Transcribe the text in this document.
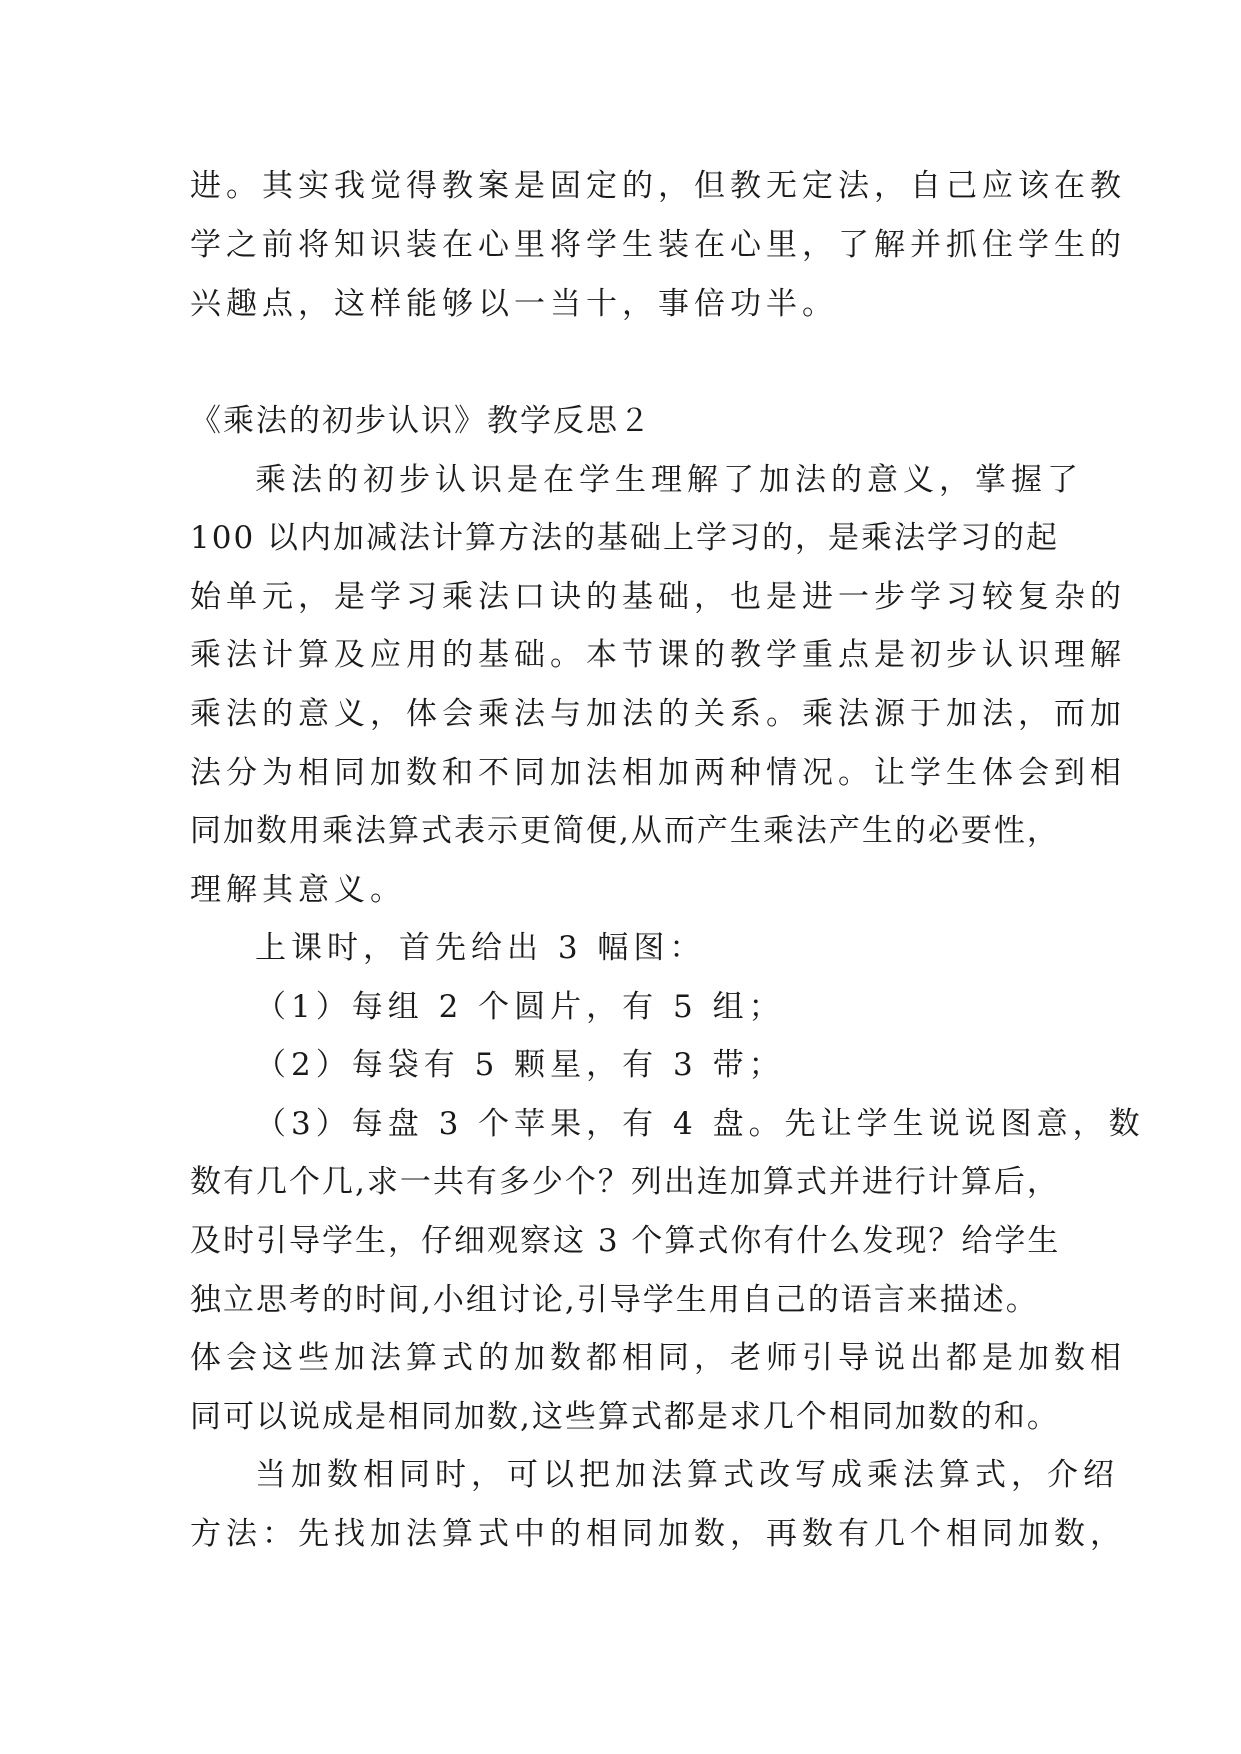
进。其实我觉得教案是固定的，但教无定法，自己应该在教

学之前将知识装在心里将学生装在心里，了解并抓住学生的

兴趣点，这样能够以一当十，事倍功半。

《乘法的初步认识》教学反思２

乘法的初步认识是在学生理解了加法的意义，掌握了

100 以内加减法计算方法的基础上学习的，是乘法学习的起

始单元，是学习乘法口诀的基础，也是进一步学习较复杂的

乘法计算及应用的基础。本节课的教学重点是初步认识理解

乘法的意义，体会乘法与加法的关系。乘法源于加法，而加

法分为相同加数和不同加法相加两种情况。让学生体会到相

同加数用乘法算式表示更简便,从而产生乘法产生的必要性，

理解其意义。

上课时，首先给出 3 幅图：

（1）每组 2 个圆片，有 5 组；

（2）每袋有 5 颗星，有 3 带；

（3）每盘 3 个苹果，有 4 盘。先让学生说说图意，数

数有几个几,求一共有多少个？列出连加算式并进行计算后，

及时引导学生，仔细观察这 3 个算式你有什么发现？给学生

独立思考的时间,小组讨论,引导学生用自己的语言来描述。

体会这些加法算式的加数都相同，老师引导说出都是加数相

同可以说成是相同加数,这些算式都是求几个相同加数的和。

当加数相同时，可以把加法算式改写成乘法算式，介绍

方法：先找加法算式中的相同加数，再数有几个相同加数，
